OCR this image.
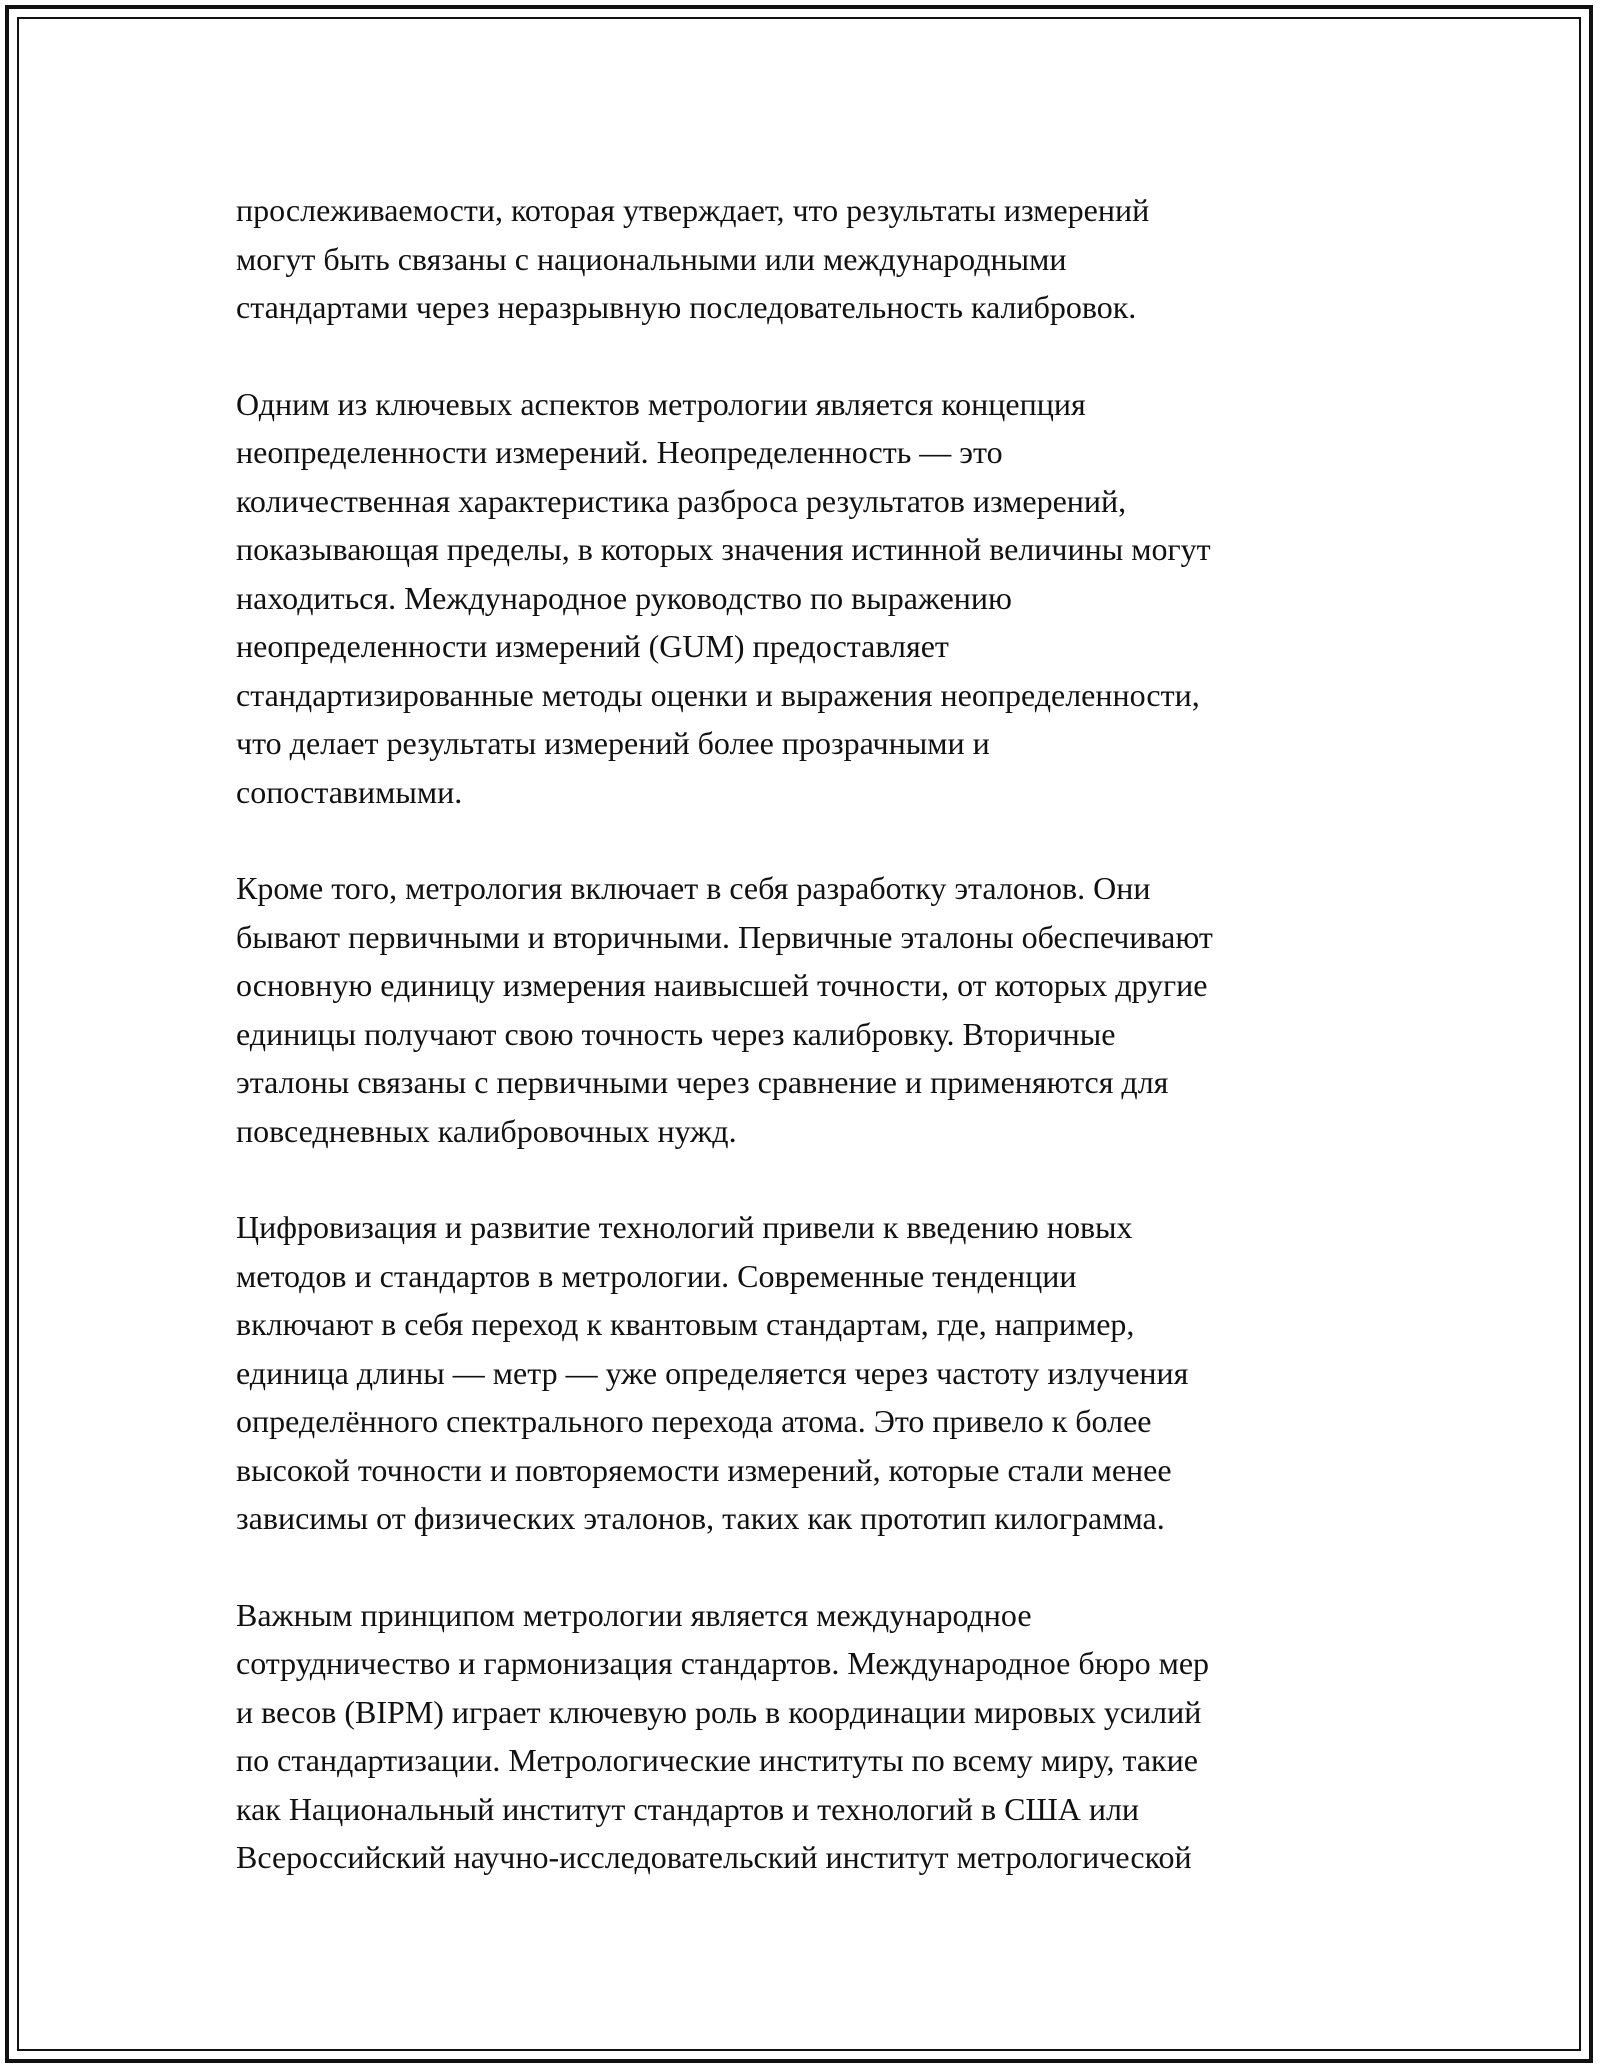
прослеживаемости, которая утверждает, что результаты измерений
могут быть связаны с национальными или международными
стандартами через неразрывную последовательность калибровок.

Одним из ключевых аспектов метрологии является концепция
неопределенности измерений. Неопределенность — это
количественная характеристика разброса результатов измерений,
показывающая пределы, в которых значения истинной величины могут
находиться. Международное руководство по выражению
неопределенности измерений (GUM) предоставляет
стандартизированные методы оценки и выражения неопределенности,
что делает результаты измерений более прозрачными и
сопоставимыми.

Кроме того, метрология включает в себя разработку эталонов. Они
бывают первичными и вторичными. Первичные эталоны обеспечивают
основную единицу измерения наивысшей точности, от которых другие
единицы получают свою точность через калибровку. Вторичные
эталоны связаны с первичными через сравнение и применяются для
повседневных калибровочных нужд.

Цифровизация и развитие технологий привели к введению новых
методов и стандартов в метрологии. Современные тенденции
включают в себя переход к квантовым стандартам, где, например,
единица длины — метр — уже определяется через частоту излучения
определённого спектрального перехода атома. Это привело к более
высокой точности и повторяемости измерений, которые стали менее
зависимы от физических эталонов, таких как прототип килограмма.

Важным принципом метрологии является международное
сотрудничество и гармонизация стандартов. Международное бюро мер
и весов (BIPM) играет ключевую роль в координации мировых усилий
по стандартизации. Метрологические институты по всему миру, такие
как Национальный институт стандартов и технологий в США или
Всероссийский научно-исследовательский институт метрологической
